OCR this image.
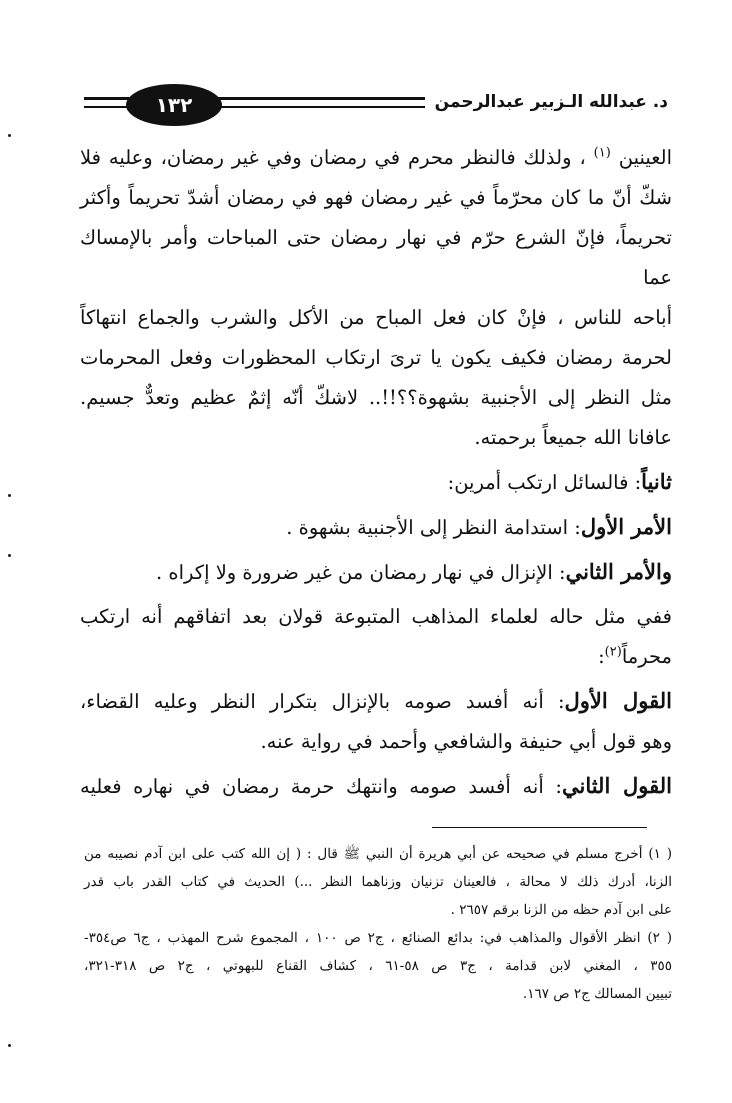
١٣٢	د. عبدالله الـزبير عبدالرحمن

العينين $^{(١)}$ ، ولذلك فالنظر محرم في رمضان وفي غير رمضان، وعليه فلا
شكّ أنّ ما كان محرّماً في غير رمضان فهو في رمضان أشدّ تحريماً وأكثر
تحريماً، فإنّ الشرع حرّم في نهار رمضان حتى المباحات وأمر بالإمساك عما
أباحه للناس ، فإنْ كان فعل المباح من الأكل والشرب والجماع انتهاكاً
لحرمة رمضان فكيف يكون يا ترىَ ارتكاب المحظورات وفعل المحرمات
مثل النظر إلى الأجنبية بشهوة؟؟!!.. لاشكّ أنّه إثمٌ عظيم وتعدٌّ جسيم.
عافانا الله جميعاً برحمته.

ثانياً: فالسائل ارتكب أمرين:

الأمر الأول: استدامة النظر إلى الأجنبية بشهوة .

والأمر الثاني: الإنزال في نهار رمضان من غير ضرورة ولا إكراه .

ففي مثل حاله لعلماء المذاهب المتبوعة قولان بعد اتفاقهم أنه ارتكب
محرماً$^{(٢)}$:

القول الأول: أنه أفسد صومه بالإنزال بتكرار النظر وعليه القضاء،
وهو قول أبي حنيفة والشافعي وأحمد في رواية عنه.

القول الثاني: أنه أفسد صومه وانتهك حرمة رمضان في نهاره فعليه

( ١) أخرج مسلم في صحيحه عن أبي هريرة أن النبي ﷺ قال : ( إن الله كتب على ابن آدم نصيبه من
الزنا، أدرك ذلك لا محالة ، فالعينان تزنيان وزناهما النظر ...) الحديث في كتاب القدر باب قدر
على ابن آدم حظه من الزنا برقم ٢٦٥٧ .

( ٢) انظر الأقوال والمذاهب في: بدائع الصنائع ، ج٢ ص ١٠٠ ، المجموع شرح المهذب ، ج٦ ص٣٥٤-
٣٥٥ ، المغني لابن قدامة ، ج٣ ص ٥٨-٦١ ، كشاف القناع للبهوتي ، ج٢ ص ٣١٨-٣٢١،
تبيين المسالك ج٢ ص ١٦٧.
